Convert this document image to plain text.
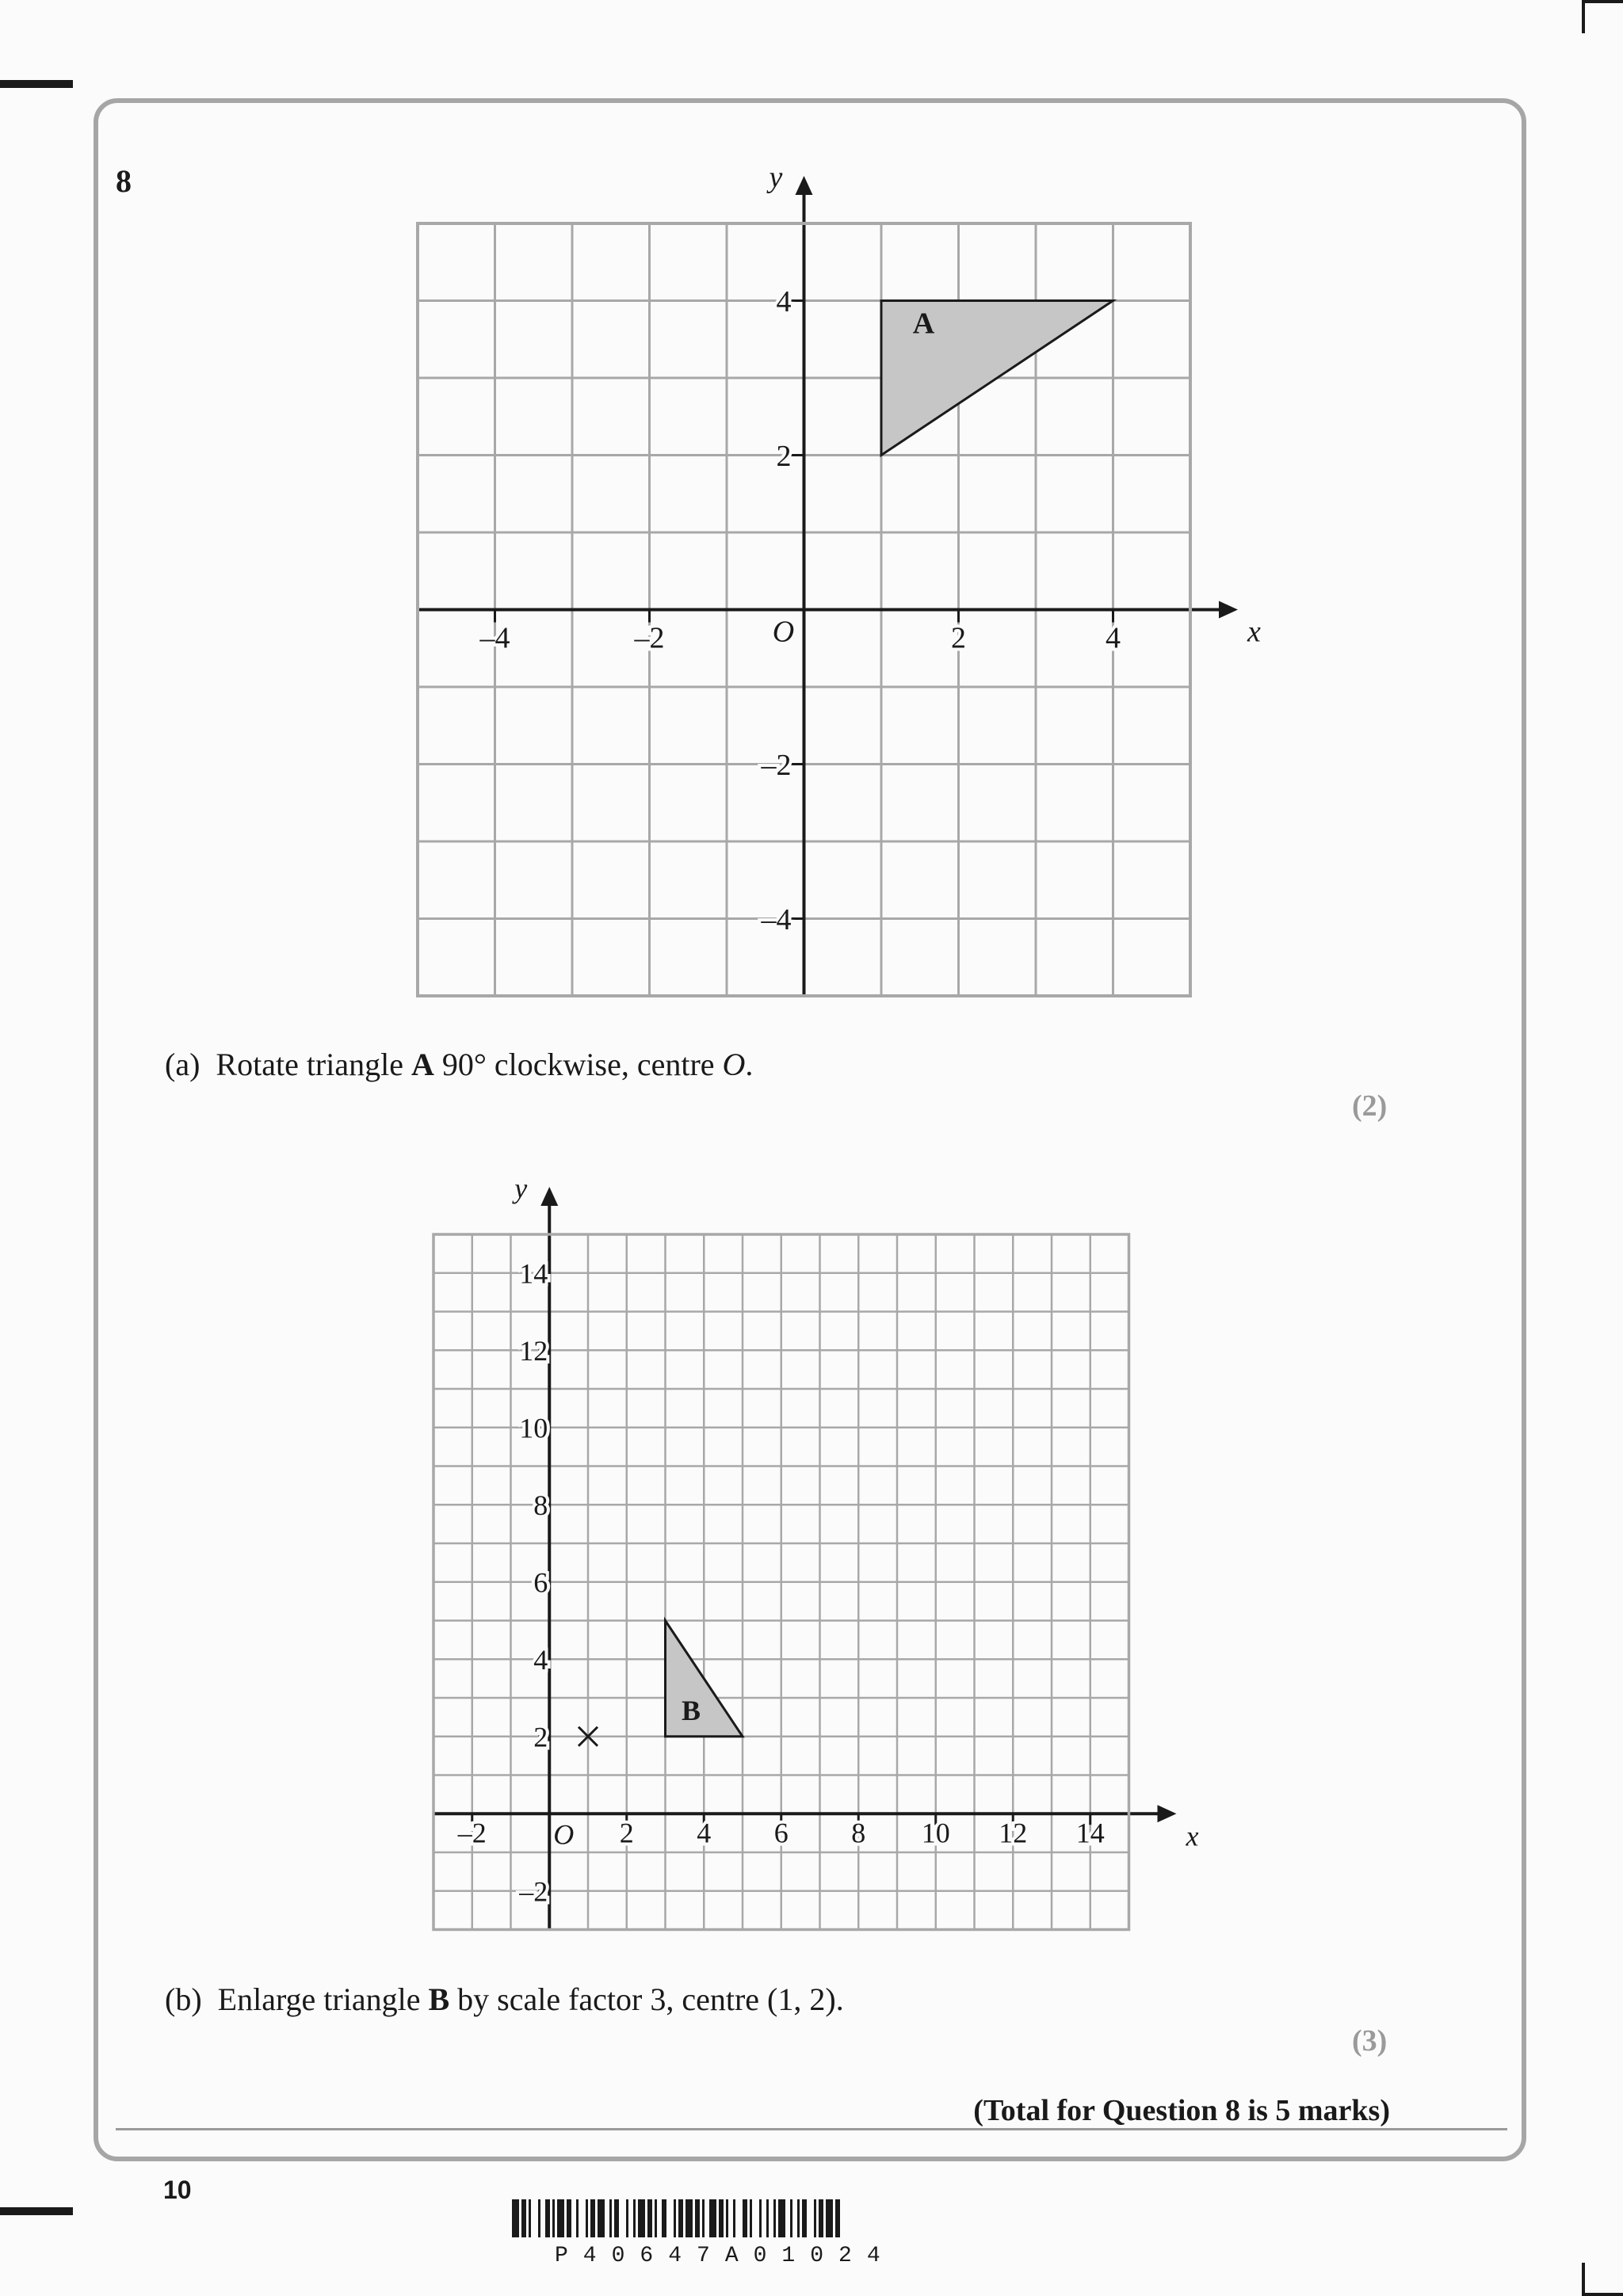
8
A
x
y
O
–4	–2	2	4
4
2
–2
–4
(a) Rotate triangle A 90° clockwise, centre O.
(2)
B
x
y
O
–2	2 4 6 8 10 12 14
14
12
10
8
6
4
2
–2
(b) Enlarge triangle B by scale factor 3, centre (1, 2).
(3)
(Total for Question 8 is 5 marks)
10
P40647A01024
